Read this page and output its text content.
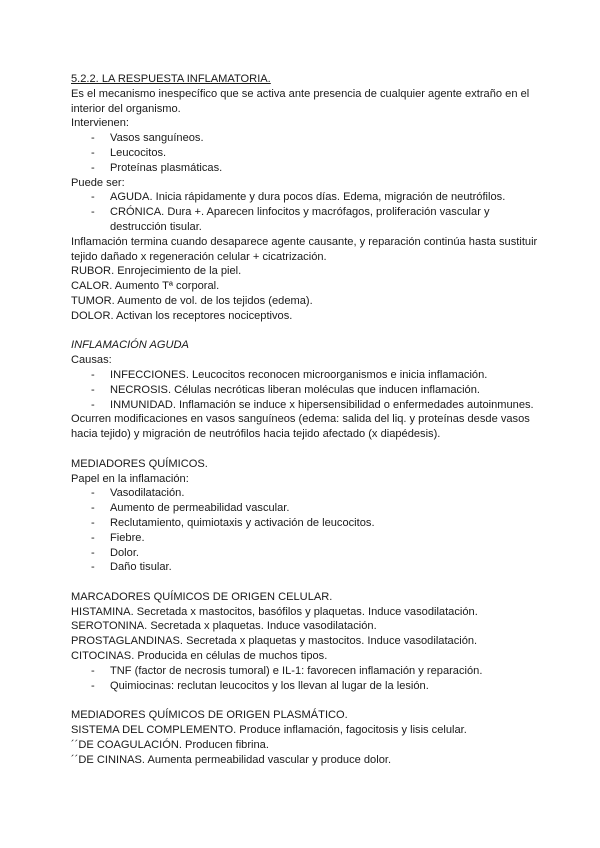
5.2.2. LA RESPUESTA INFLAMATORIA.

Es el mecanismo inespecífico que se activa ante presencia de cualquier agente extraño en el interior del organismo.

Intervienen:

- Vasos sanguíneos.
- Leucocitos.
- Proteínas plasmáticas.

Puede ser:

- AGUDA. Inicia rápidamente y dura pocos días. Edema, migración de neutrófilos.
- CRÓNICA. Dura +. Aparecen linfocitos y macrófagos, proliferación vascular y destrucción tisular.

Inflamación termina cuando desaparece agente causante, y reparación continúa hasta sustituir tejido dañado x regeneración celular + cicatrización.

RUBOR. Enrojecimiento de la piel.

CALOR. Aumento Tª corporal.

TUMOR. Aumento de vol. de los tejidos (edema).

DOLOR. Activan los receptores nociceptivos.

INFLAMACIÓN AGUDA

Causas:

- INFECCIONES. Leucocitos reconocen microorganismos e inicia inflamación.
- NECROSIS. Células necróticas liberan moléculas que inducen inflamación.
- INMUNIDAD. Inflamación se induce x hipersensibilidad o enfermedades autoinmunes.

Ocurren modificaciones en vasos sanguíneos (edema: salida del liq. y proteínas desde vasos hacia tejido) y migración de neutrófilos hacia tejido afectado (x diapédesis).

MEDIADORES QUÍMICOS.

Papel en la inflamación:

- Vasodilatación.
- Aumento de permeabilidad vascular.
- Reclutamiento, quimiotaxis y activación de leucocitos.
- Fiebre.
- Dolor.
- Daño tisular.

MARCADORES QUÍMICOS DE ORIGEN CELULAR.

HISTAMINA. Secretada x mastocitos, basófilos y plaquetas. Induce vasodilatación.

SEROTONINA. Secretada x plaquetas. Induce vasodilatación.

PROSTAGLANDINAS. Secretada x plaquetas y mastocitos. Induce vasodilatación.

CITOCINAS. Producida en células de muchos tipos.

- TNF (factor de necrosis tumoral) e IL-1: favorecen inflamación y reparación.
- Quimiocinas: reclutan leucocitos y los llevan al lugar de la lesión.

MEDIADORES QUÍMICOS DE ORIGEN PLASMÁTICO.

SISTEMA DEL COMPLEMENTO. Produce inflamación, fagocitosis y lisis celular.

´´DE COAGULACIÓN. Producen fibrina.

´´DE CININAS. Aumenta permeabilidad vascular y produce dolor.
